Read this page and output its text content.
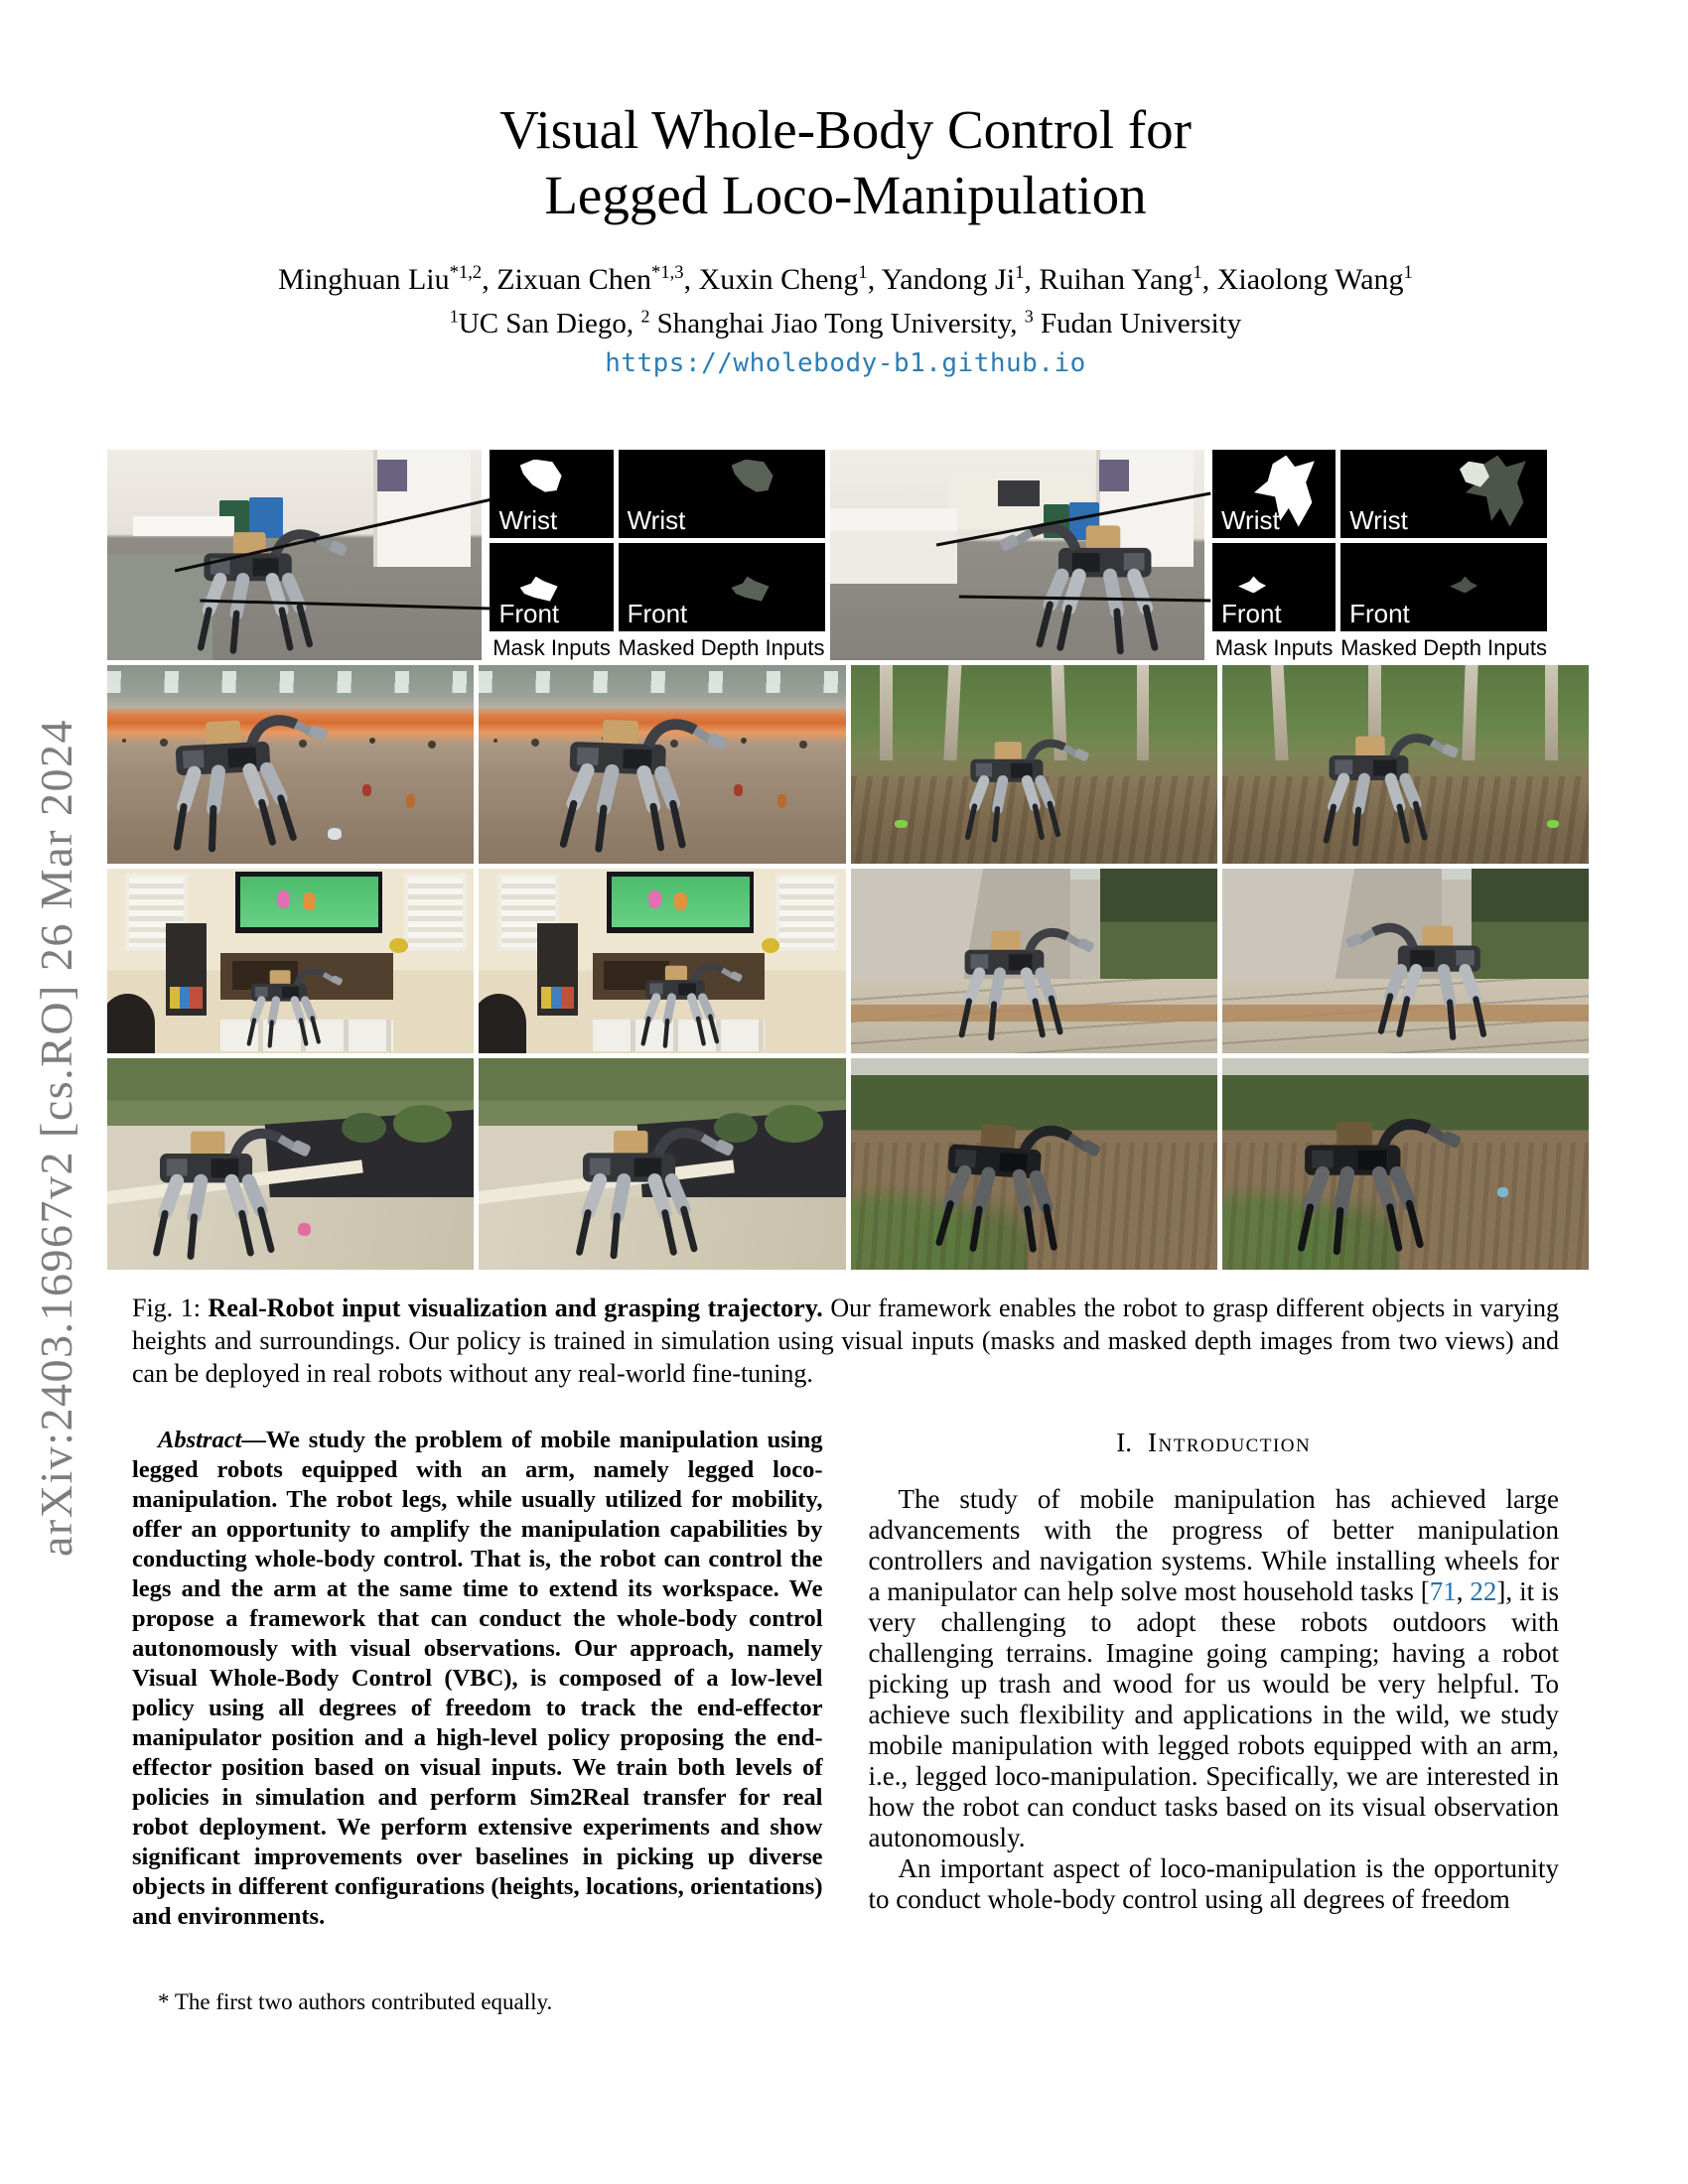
arXiv:2403.16967v2 [cs.RO] 26 Mar 2024
Visual Whole-Body Control for
Legged Loco-Manipulation
Minghuan Liu$^{*1,2}$, Zixuan Chen$^{*1,3}$, Xuxin Cheng$^1$, Yandong Ji$^1$, Ruihan Yang$^1$, Xiaolong Wang$^1$
$^1$UC San Diego, $^2$ Shanghai Jiao Tong University, $^3$ Fudan University
https://wholebody-b1.github.io
Wrist
Front
Mask Inputs
Wrist
Front
Masked Depth Inputs
Wrist
Front
Mask Inputs
Wrist
Front
Masked Depth Inputs

Fig. 1: Real-Robot input visualization and grasping trajectory. Our framework enables the robot to grasp different objects in varying heights and surroundings. Our policy is trained in simulation using visual inputs (masks and masked depth images from two views) and can be deployed in real robots without any real-world fine-tuning.

Abstract—We study the problem of mobile manipulation using legged robots equipped with an arm, namely legged loco-manipulation. The robot legs, while usually utilized for mobility, offer an opportunity to amplify the manipulation capabilities by conducting whole-body control. That is, the robot can control the legs and the arm at the same time to extend its workspace. We propose a framework that can conduct the whole-body control autonomously with visual observations. Our approach, namely Visual Whole-Body Control (VBC), is composed of a low-level policy using all degrees of freedom to track the end-effector manipulator position and a high-level policy proposing the end-effector position based on visual inputs. We train both levels of policies in simulation and perform Sim2Real transfer for real robot deployment. We perform extensive experiments and show significant improvements over baselines in picking up diverse objects in different configurations (heights, locations, orientations) and environments.

* The first two authors contributed equally.

I. Introduction

The study of mobile manipulation has achieved large advancements with the progress of better manipulation controllers and navigation systems. While installing wheels for a manipulator can help solve most household tasks [71, 22], it is very challenging to adopt these robots outdoors with challenging terrains. Imagine going camping; having a robot picking up trash and wood for us would be very helpful. To achieve such flexibility and applications in the wild, we study mobile manipulation with legged robots equipped with an arm, i.e., legged loco-manipulation. Specifically, we are interested in how the robot can conduct tasks based on its visual observation autonomously.

An important aspect of loco-manipulation is the opportunity to conduct whole-body control using all degrees of freedom
